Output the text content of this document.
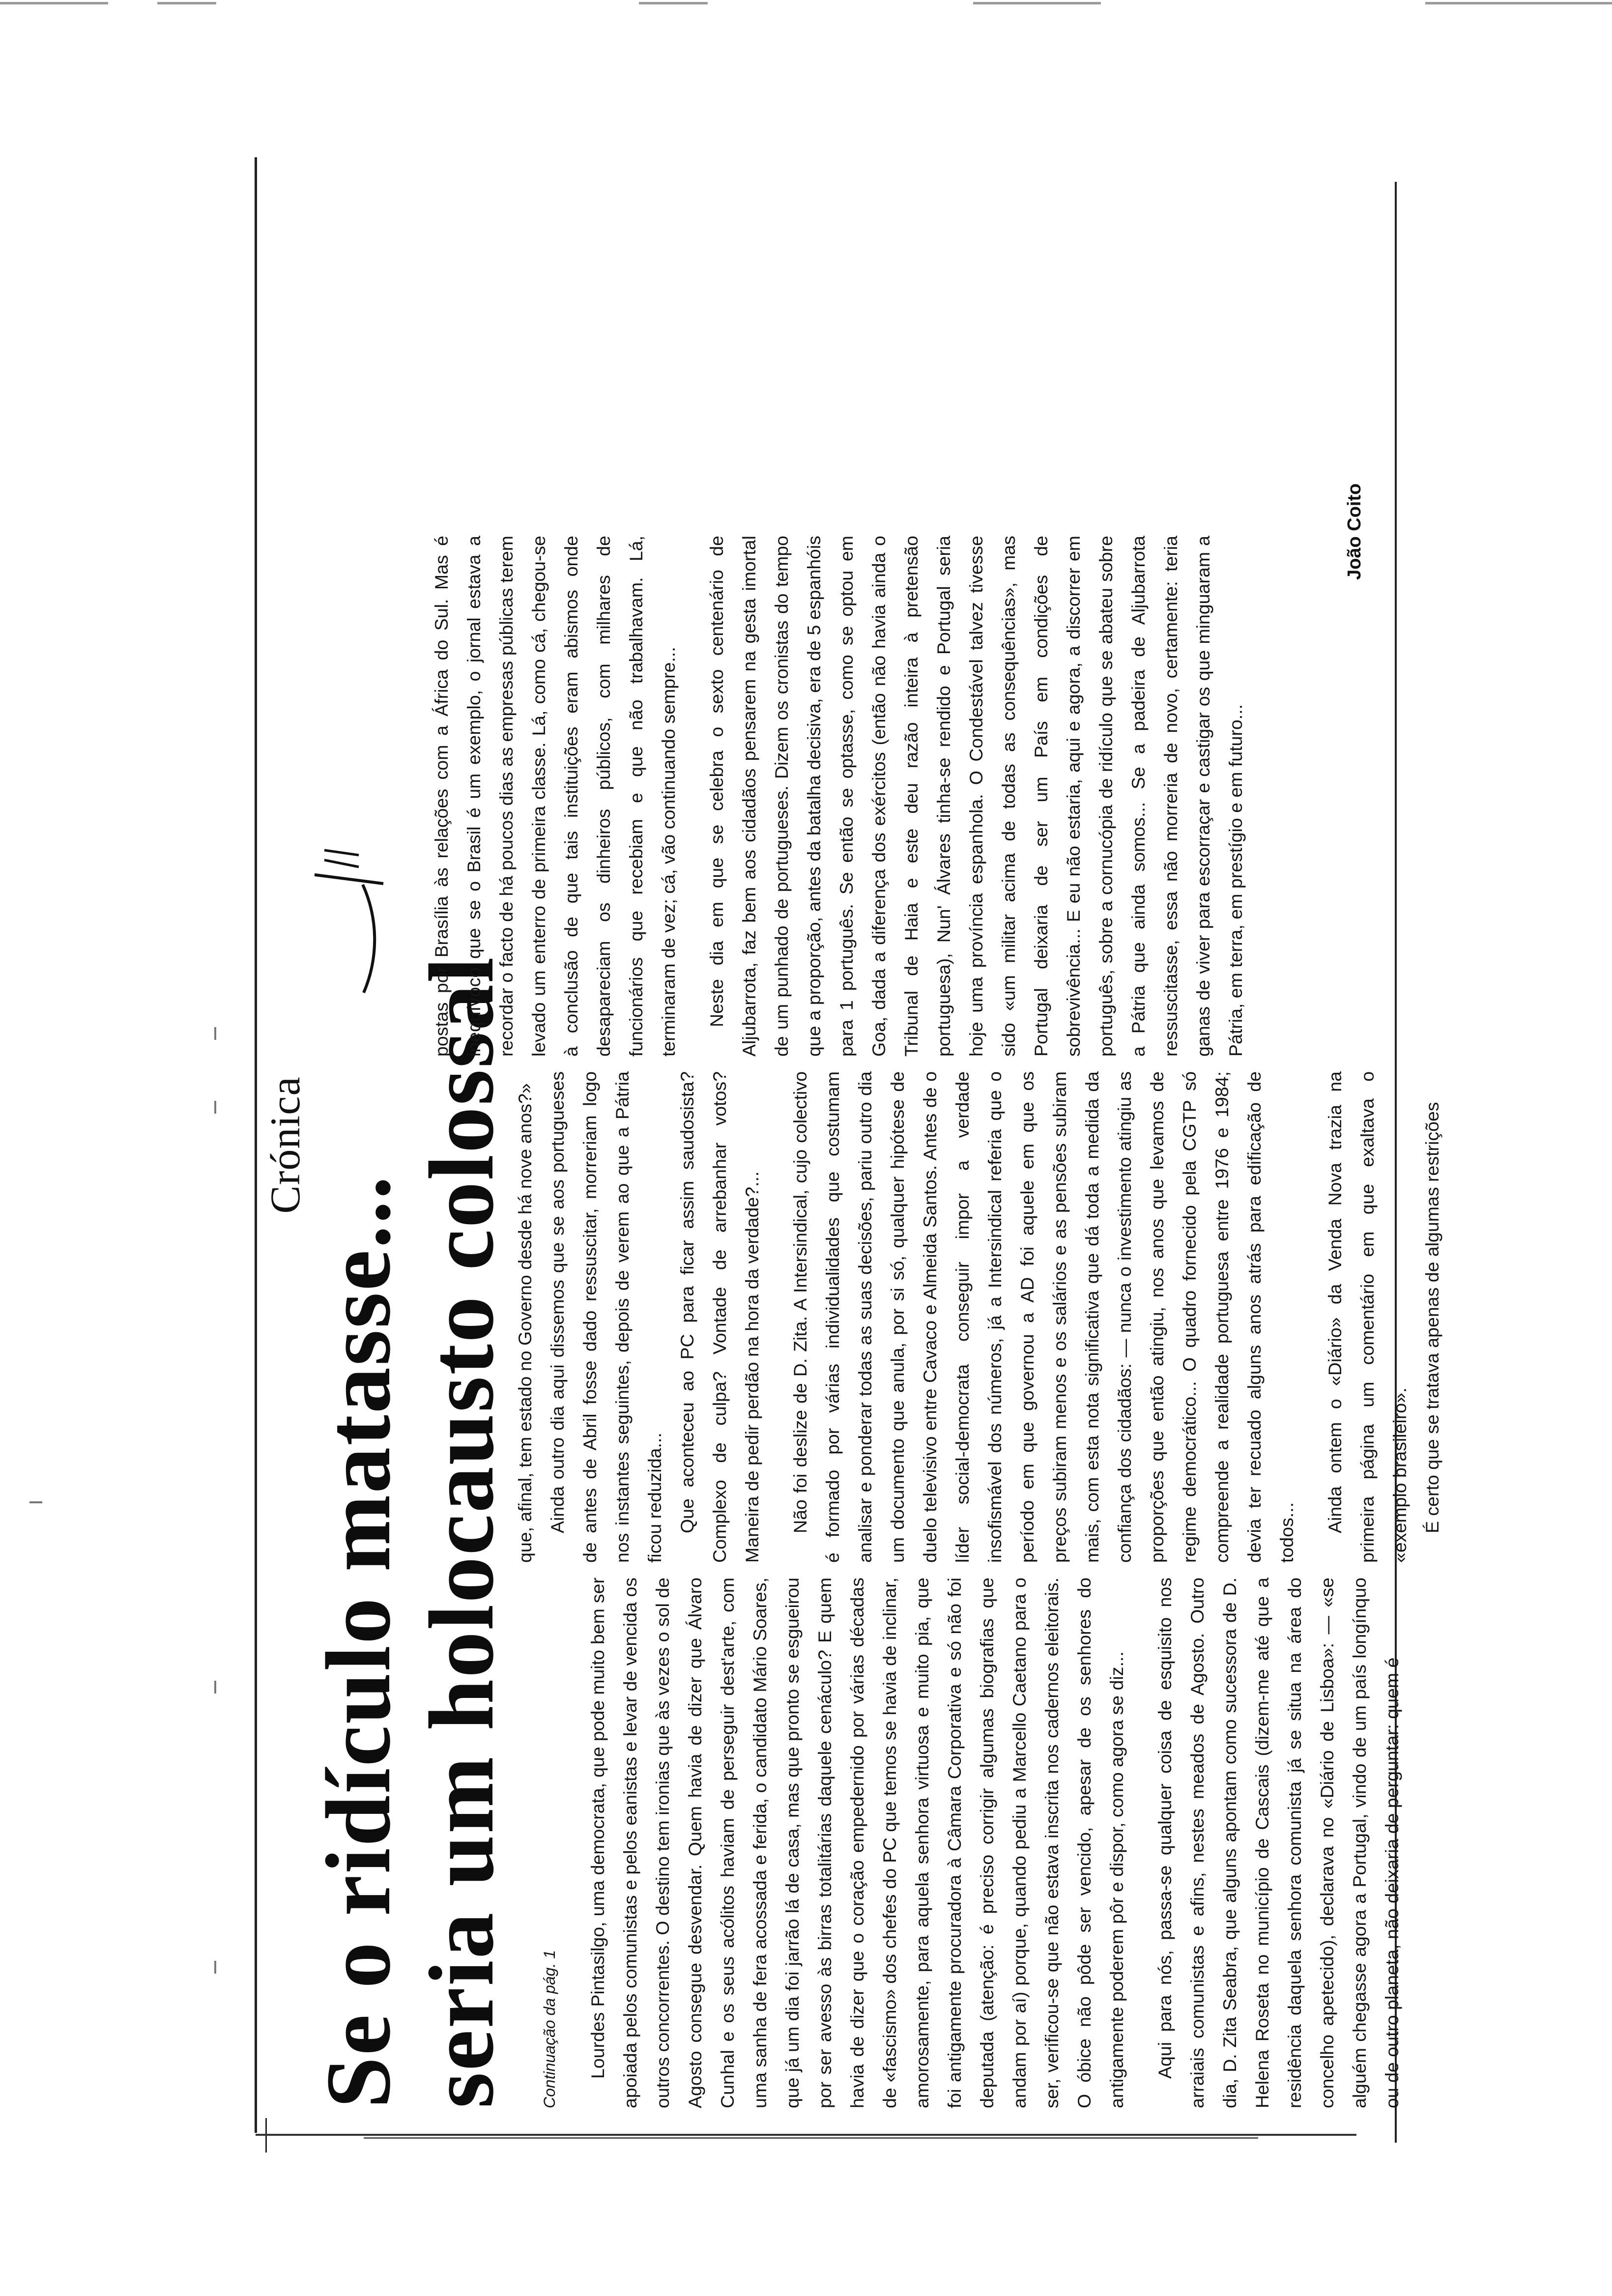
Crónica
Se o ridículo matasse... seria um holocausto colossal	Continuação da pág. 1	Lourdes Pintasilgo, uma democrata, que pode muito bem ser apoiada pelos comunistas e pelos eanistas e levar de vencida os outros concorrentes. O destino tem ironias que às vezes o sol de Agosto consegue desvendar. Quem havia de dizer que Álvaro Cunhal e os seus acólitos haviam de perseguir dest'arte, com uma sanha de fera acossada e ferida, o candidato Mário Soares, que já um dia foi jarrão lá de casa, mas que pronto se esgueirou por ser avesso às birras totalitárias daquele cenáculo? E quem havia de dizer que o coração empedernido por várias décadas de «fascismo» dos chefes do PC que temos se havia de inclinar, amorosamente, para aquela senhora virtuosa e muito pia, que foi antigamente procuradora à Câmara Corporativa e só não foi deputada (atenção: é preciso corrigir algumas biografias que andam por aí) porque, quando pediu a Marcello Caetano para o ser, verificou-se que não estava inscrita nos cadernos eleitorais. O óbice não pôde ser vencido, apesar de os senhores do antigamente poderem pôr e dispor, como agora se diz...	Aqui para nós, passa-se qualquer coisa de esquisito nos arraiais comunistas e afins, nestes meados de Agosto. Outro dia, D. Zita Seabra, que alguns apontam como sucessora de D. Helena Roseta no município de Cascais (dizem-me até que a residência daquela senhora comunista já se situa na área do concelho apetecido), declarava no «Diário de Lisboa»: — «se alguém chegasse agora a Portugal, vindo de um país longínquo ou de outro planeta, não deixaria de perguntar: quem é

que, afinal, tem estado no Governo desde há nove anos?» Ainda outro dia aqui dissemos que se aos portugueses de antes de Abril fosse dado ressuscitar, morreriam logo nos instantes seguintes, depois de verem ao que a Pátria ficou reduzida... Que aconteceu ao PC para ficar assim saudosista? Complexo de culpa? Vontade de arrebanhar votos? Maneira de pedir perdão na hora da verdade?...	Não foi deslize de D. Zita. A Intersindical, cujo colectivo é formado por várias individualidades que costumam analisar e ponderar todas as suas decisões, pariu outro dia um documento que anula, por si só, qualquer hipótese de duelo televisivo entre Cavaco e Almeida Santos. Antes de o líder social-democrata conseguir impor a verdade insofismável dos números, já a Intersindical referia que o período em que governou a AD foi aquele em que os preços subiram menos e os salários e as pensões subiram mais, com esta nota significativa que dá toda a medida da confiança dos cidadãos: — nunca o investimento atingiu as proporções que então atingiu, nos anos que levamos de regime democrático... O quadro fornecido pela CGTP só compreende a realidade portuguesa entre 1976 e 1984; devia ter recuado alguns anos atrás para edificação de todos...	Ainda ontem o «Diário» da Venda Nova trazia na primeira página um comentário em que exaltava o «exemplo brasileiro». É certo que se tratava apenas de algumas restrições

postas por Brasília às relações com a África do Sul. Mas é inequívoco que se o Brasil é um exemplo, o jornal estava a recordar o facto de há poucos dias as empresas públicas terem levado um enterro de primeira classe. Lá, como cá, chegou-se à conclusão de que tais instituições eram abismos onde desapareciam os dinheiros públicos, com milhares de funcionários que recebiam e que não trabalhavam. Lá, terminaram de vez; cá, vão continuando sempre...	Neste dia em que se celebra o sexto centenário de Aljubarrota, faz bem aos cidadãos pensarem na gesta imortal de um punhado de portugueses. Dizem os cronistas do tempo que a proporção, antes da batalha decisiva, era de 5 espanhóis para 1 português. Se então se optasse, como se optou em Goa, dada a diferença dos exércitos (então não havia ainda o Tribunal de Haia e este deu razão inteira à pretensão portuguesa), Nun' Álvares tinha-se rendido e Portugal seria hoje uma província espanhola. O Condestável talvez tivesse sido «um militar acima de todas as consequências», mas Portugal deixaria de ser um País em condições de sobrevivência... E eu não estaria, aqui e agora, a discorrer em português, sobre a cornucópia de ridículo que se abateu sobre a Pátria que ainda somos... Se a padeira de Aljubarrota ressuscitasse, essa não morreria de novo, certamente: teria ganas de viver para escorraçar e castigar os que minguaram a Pátria, em terra, em prestígio e em futuro...

João Coito
